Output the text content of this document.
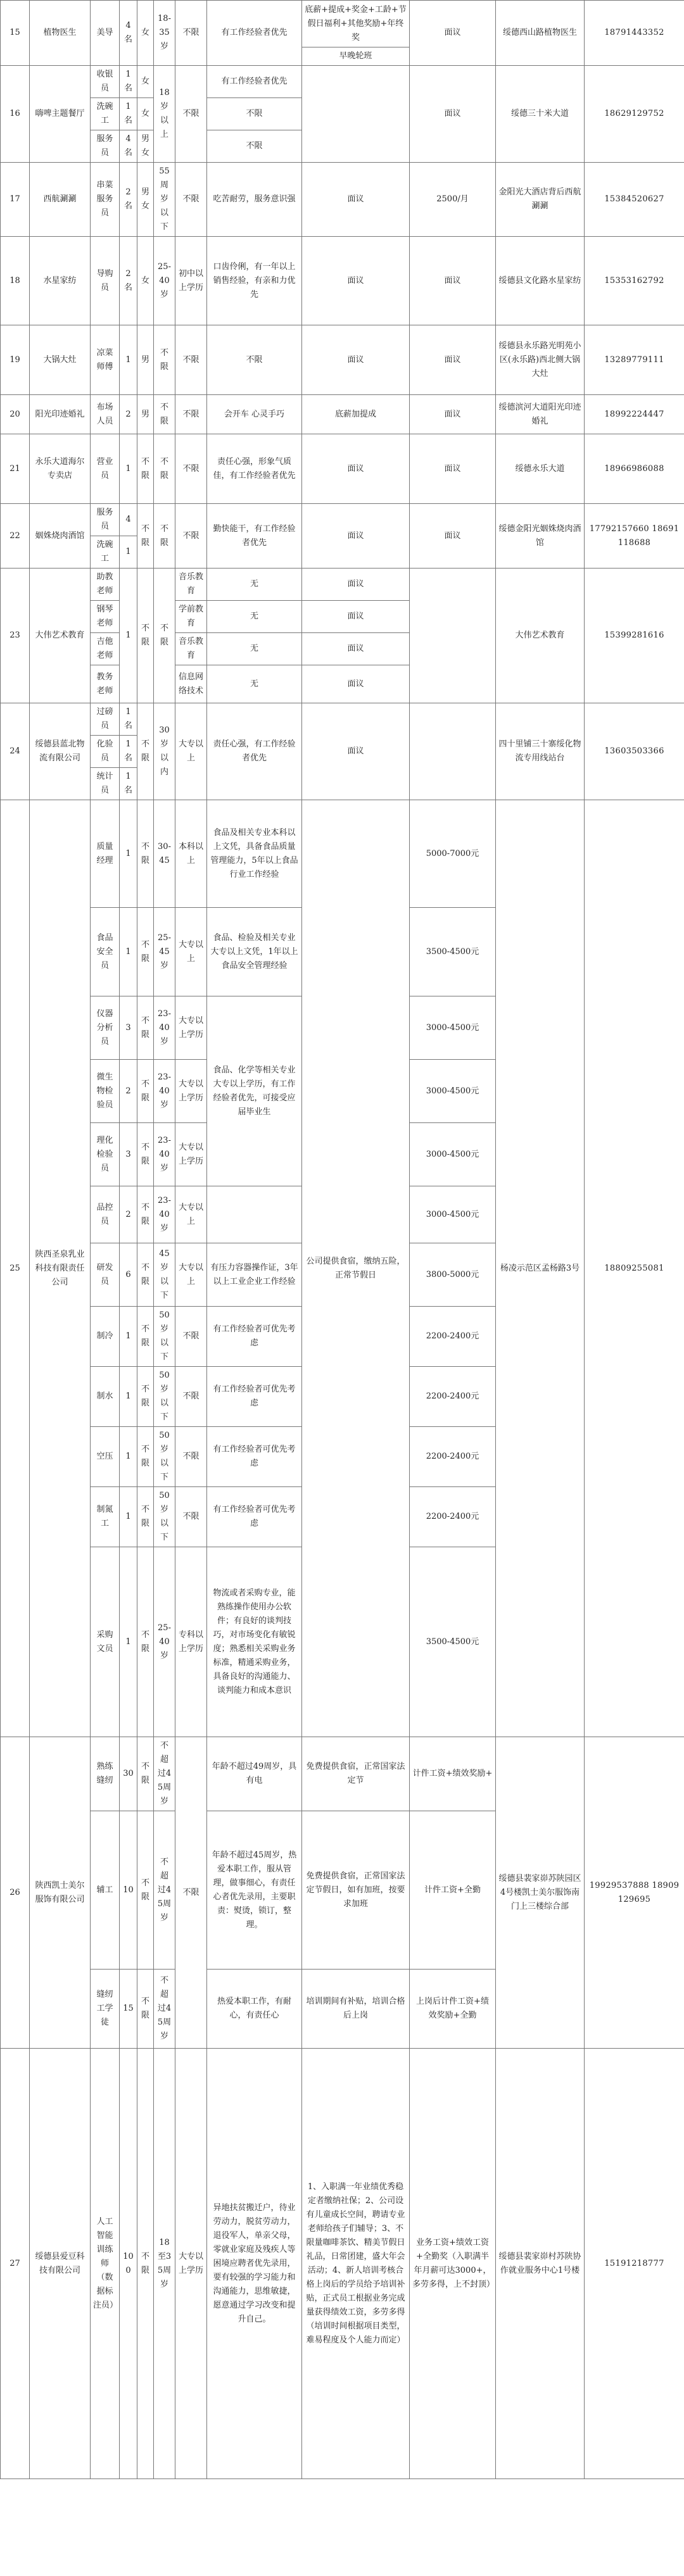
15	植物医生	美导	4名	女	18-35岁	不限	有工作经验者优先	底薪+提成+奖金+工龄+节假日福利+其他奖励+年终奖	面议	绥德西山路植物医生	18791443352
								早晚轮班			
16	嗨啤主题餐厅	收银员	1名	女	18岁以上	不限	有工作经验者优先		面议	绥德三十米大道	18629129752
		洗碗工	1名	女			不限				
		服务员	4名	男女			不限				
17	西航涮涮	串菜服务员	2名	男女	55周岁以下	不限	吃苦耐劳，服务意识强	面议	2500/月	金阳光大酒店背后西航涮涮	15384520627
18	水星家纺	导购员	2名	女	25-40岁	初中以上学历	口齿伶俐，有一年以上销售经验，有亲和力优先	面议	面议	绥德县文化路水星家纺	15353162792
19	大锅大灶	凉菜师傅	1	男	不限	不限	不限	面议	面议	绥德县永乐路光明苑小区(永乐路)西北侧大锅大灶	13289779111
20	阳光印迹婚礼	布场人员	2	男	不限	不限	会开车 心灵手巧	底薪加提成	面议	绥德滨河大道阳光印迹婚礼	18992224447
21	永乐大道海尔专卖店	营业员	1	不限	不限	不限	责任心强，形象气质佳，有工作经验者优先	面议	面议	绥德永乐大道	18966986088
22	姻姝烧肉酒馆	服务员	4	不限	不限	不限	勤快能干，有工作经验者优先	面议	面议	绥德金阳光姻姝烧肉酒馆	17792157660 18691118688
		洗碗工	1								
23	大伟艺术教育	助教老师	1	不限	不限	音乐教育	无	面议		大伟艺术教育	15399281616
		钢琴老师				学前教育	无	面议			
		吉他老师				音乐教育	无	面议			
		教务老师				信息网络技术	无	面议			
24	绥德县蓝北物流有限公司	过磅员	1名	不限	30岁以内	大专以上	责任心强，有工作经验者优先	面议		四十里铺三十寨绥化物流专用线站台	13603503366
		化验员	1名								
		统计员	1名								
25	陕西圣泉乳业科技有限责任公司	质量经理	1	不限	30-45	本科以上	食品及相关专业本科以上文凭，具备食品质量管理能力，5年以上食品行业工作经验	公司提供食宿，缴纳五险，正常节假日	5000-7000元	杨凌示范区孟杨路3号	18809255081
		食品安全员	1	不限	25-45岁	大专以上	食品、检验及相关专业大专以上文凭，1年以上食品安全管理经验		3500-4500元		
		仪器分析员	3	不限	23-40岁	大专以上学历	食品、化学等相关专业大专以上学历，有工作经验者优先，可接受应届毕业生		3000-4500元		
		微生物检验员	2	不限	23-40岁	大专以上学历			3000-4500元		
		理化检验员	3	不限	23-40岁	大专以上学历			3000-4500元		
		品控员	2	不限	23-40岁	大专以上			3000-4500元		
		研发员	6	不限	45岁以下	大专以上	有压力容器操作证，3年以上工业企业工作经验		3800-5000元		
		制冷	1	不限	50岁以下	不限	有工作经验者可优先考虑		2200-2400元		
		制水	1	不限	50岁以下	不限	有工作经验者可优先考虑		2200-2400元		
		空压	1	不限	50岁以下	不限	有工作经验者可优先考虑		2200-2400元		
		制氮工	1	不限	50岁以下	不限	有工作经验者可优先考虑		2200-2400元		
		采购文员	1	不限	25-40岁	专科以上学历	物流或者采购专业，能熟练操作使用办公软件；有良好的谈判技巧，对市场变化有敏锐度；熟悉相关采购业务标准，精通采购业务，具备良好的沟通能力、谈判能力和成本意识		3500-4500元		
26	陕西凯士美尔服饰有限公司	熟练缝纫	30	不限	不超过45周岁	不限	年龄不超过49周岁，具有电	免费提供食宿，正常国家法定节	计件工资+绩效奖励+	绥德县裴家峁苏陕园区4号楼凯士美尔服饰南门上三楼综合部	19929537888 18909129695
		辅工	10	不限	不超过45周岁		年龄不超过45周岁，热爱本职工作，服从管理，做事细心，有责任心者优先录用，主要职责：熨烫，锁订，整理。	免费提供食宿，正常国家法定节假日，如有加班，按要求加班	计件工资+全勤		
		缝纫工学徒	15	不限	不超过45周岁		热爱本职工作，有耐心，有责任心	培训期间有补贴，培训合格后上岗	上岗后计件工资+绩效奖励+全勤		
27	绥德县爱豆科技有限公司	人工智能训练师（数据标注员）	100	不限	18至35周岁	大专以上学历	异地扶贫搬迁户，待业劳动力，脱贫劳动力，退役军人，单亲父母，零就业家庭及残疾人等困境应聘者优先录用，要有较强的学习能力和沟通能力，思维敏捷，愿意通过学习改变和提升自己。	1、入职满一年业绩优秀稳定者缴纳社保；2、公司设有儿童成长空间，聘请专业老师给孩子们辅导；3、不限量咖啡茶饮、精美节假日礼品，日常团建，盛大年会活动；4、新人培训考核合格上岗后的学员给予培训补贴，正式员工根据业务完成量获得绩效工资，多劳多得（培训时间根据项目类型，难易程度及个人能力而定）	业务工资+绩效工资+全勤奖（入职满半年月薪可达3000+，多劳多得，上不封顶）	绥德县裴家峁村苏陕协作就业服务中心1号楼	15191218777
